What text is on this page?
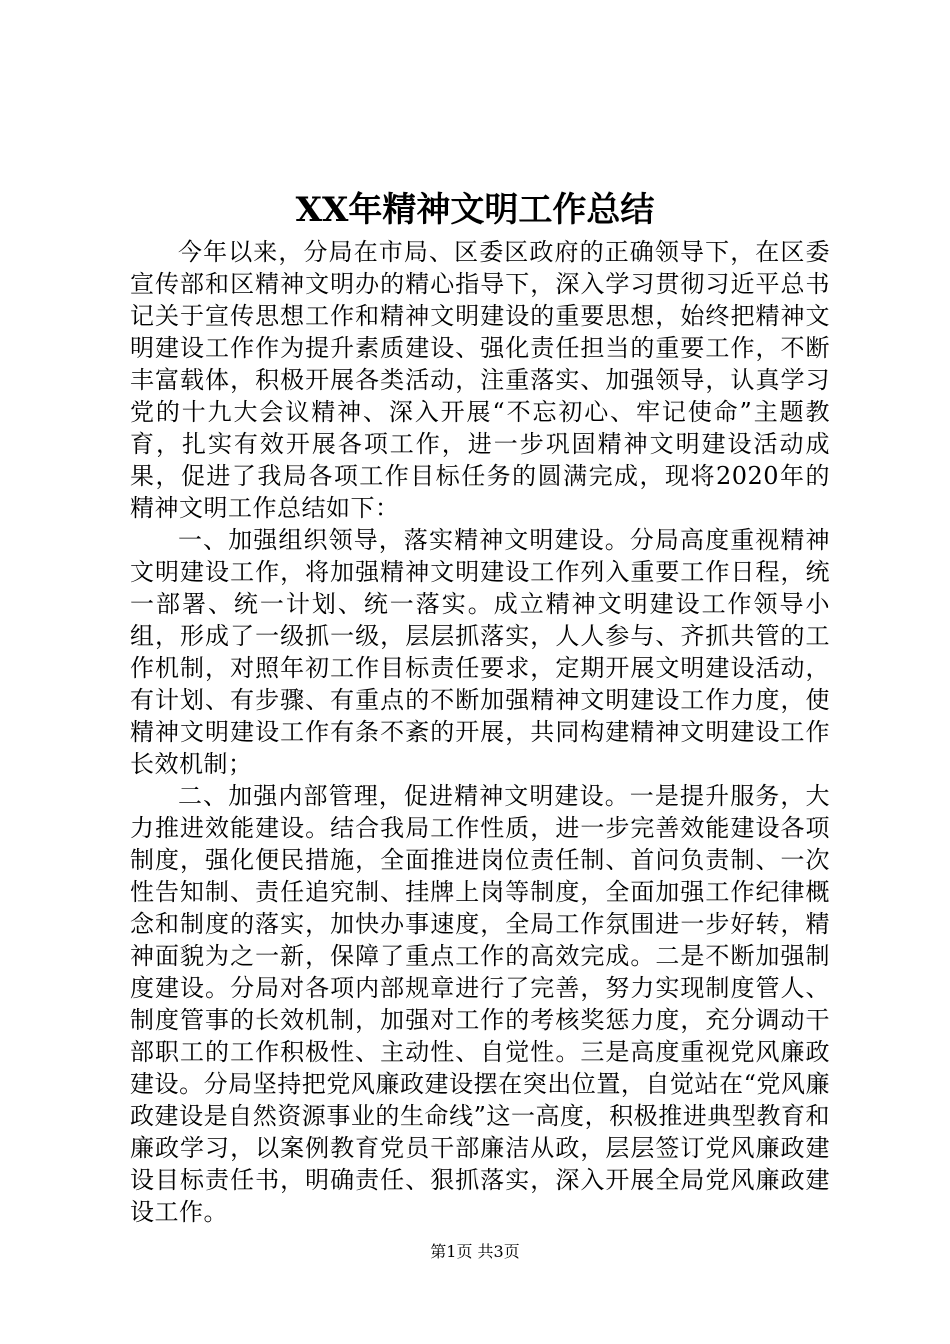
XX年精神文明工作总结

今年以来，分局在市局、区委区政府的正确领导下，在区委宣传部和区精神文明办的精心指导下，深入学习贯彻习近平总书记关于宣传思想工作和精神文明建设的重要思想，始终把精神文明建设工作作为提升素质建设、强化责任担当的重要工作，不断丰富载体，积极开展各类活动，注重落实、加强领导，认真学习党的十九大会议精神、深入开展“不忘初心、牢记使命”主题教育，扎实有效开展各项工作，进一步巩固精神文明建设活动成果，促进了我局各项工作目标任务的圆满完成，现将2020年的精神文明工作总结如下：

一、加强组织领导，落实精神文明建设。分局高度重视精神文明建设工作，将加强精神文明建设工作列入重要工作日程，统一部署、统一计划、统一落实。成立精神文明建设工作领导小组，形成了一级抓一级，层层抓落实，人人参与、齐抓共管的工作机制，对照年初工作目标责任要求，定期开展文明建设活动，有计划、有步骤、有重点的不断加强精神文明建设工作力度，使精神文明建设工作有条不紊的开展，共同构建精神文明建设工作长效机制；

二、加强内部管理，促进精神文明建设。一是提升服务，大力推进效能建设。结合我局工作性质，进一步完善效能建设各项制度，强化便民措施，全面推进岗位责任制、首问负责制、一次性告知制、责任追究制、挂牌上岗等制度，全面加强工作纪律概念和制度的落实，加快办事速度，全局工作氛围进一步好转，精神面貌为之一新，保障了重点工作的高效完成。二是不断加强制度建设。分局对各项内部规章进行了完善，努力实现制度管人、制度管事的长效机制，加强对工作的考核奖惩力度，充分调动干部职工的工作积极性、主动性、自觉性。三是高度重视党风廉政建设。分局坚持把党风廉政建设摆在突出位置，自觉站在“党风廉政建设是自然资源事业的生命线”这一高度，积极推进典型教育和廉政学习，以案例教育党员干部廉洁从政，层层签订党风廉政建设目标责任书，明确责任、狠抓落实，深入开展全局党风廉政建设工作。

第1页 共3页
